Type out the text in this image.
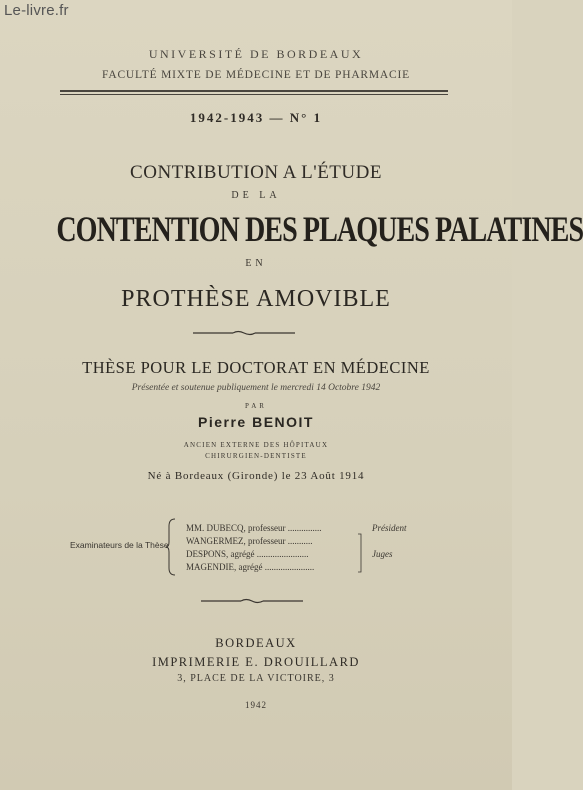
Le-livre.fr
UNIVERSITÉ DE BORDEAUX
FACULTÉ MIXTE DE MÉDECINE ET DE PHARMACIE
1942-1943 — N° 1
CONTRIBUTION A L'ÉTUDE
DE LA
CONTENTION DES PLAQUES PALATINES
EN
PROTHÈSE AMOVIBLE
THÈSE POUR LE DOCTORAT EN MÉDECINE
Présentée et soutenue publiquement le mercredi 14 Octobre 1942
PAR
Pierre BENOIT
ANCIEN EXTERNE DES HÔPITAUX
CHIRURGIEN-DENTISTE
Né à Bordeaux (Gironde) le 23 Août 1914
Examinateurs de la Thèse
MM. DUBECQ, professeur ...............
WANGERMEZ, professeur ...........
DESPONS, agrégé .......................
MAGENDIE, agrégé ......................
Président
Juges
BORDEAUX
IMPRIMERIE E. DROUILLARD
3, PLACE DE LA VICTOIRE, 3
1942
